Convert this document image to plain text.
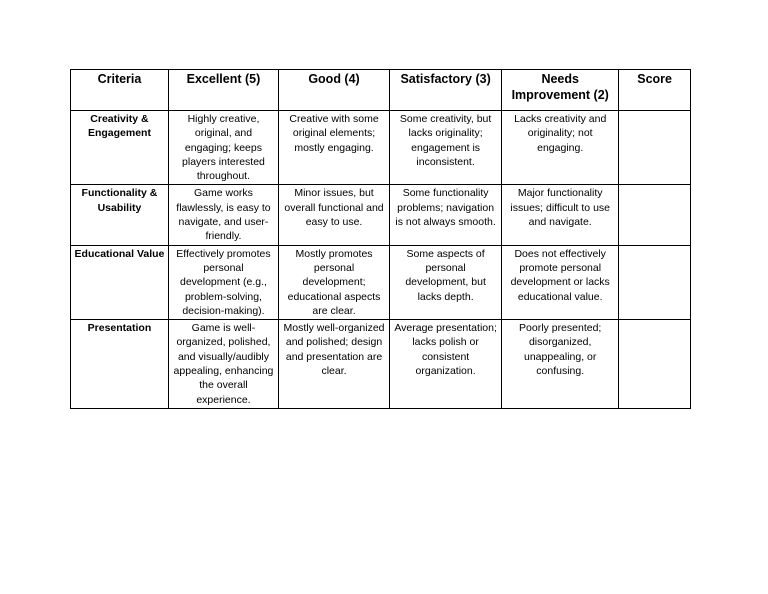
Criteria	Excellent (5)	Good (4)	Satisfactory (3)	Needs Improvement (2)	Score
Creativity & Engagement	Highly creative, original, and engaging; keeps players interested throughout.	Creative with some original elements; mostly engaging.	Some creativity, but lacks originality; engagement is inconsistent.	Lacks creativity and originality; not engaging.	
Functionality & Usability	Game works flawlessly, is easy to navigate, and user-friendly.	Minor issues, but overall functional and easy to use.	Some functionality problems; navigation is not always smooth.	Major functionality issues; difficult to use and navigate.	
Educational Value	Effectively promotes personal development (e.g., problem-solving, decision-making).	Mostly promotes personal development; educational aspects are clear.	Some aspects of personal development, but lacks depth.	Does not effectively promote personal development or lacks educational value.	
Presentation	Game is well-organized, polished, and visually/audibly appealing, enhancing the overall experience.	Mostly well-organized and polished; design and presentation are clear.	Average presentation; lacks polish or consistent organization.	Poorly presented; disorganized, unappealing, or confusing.	
